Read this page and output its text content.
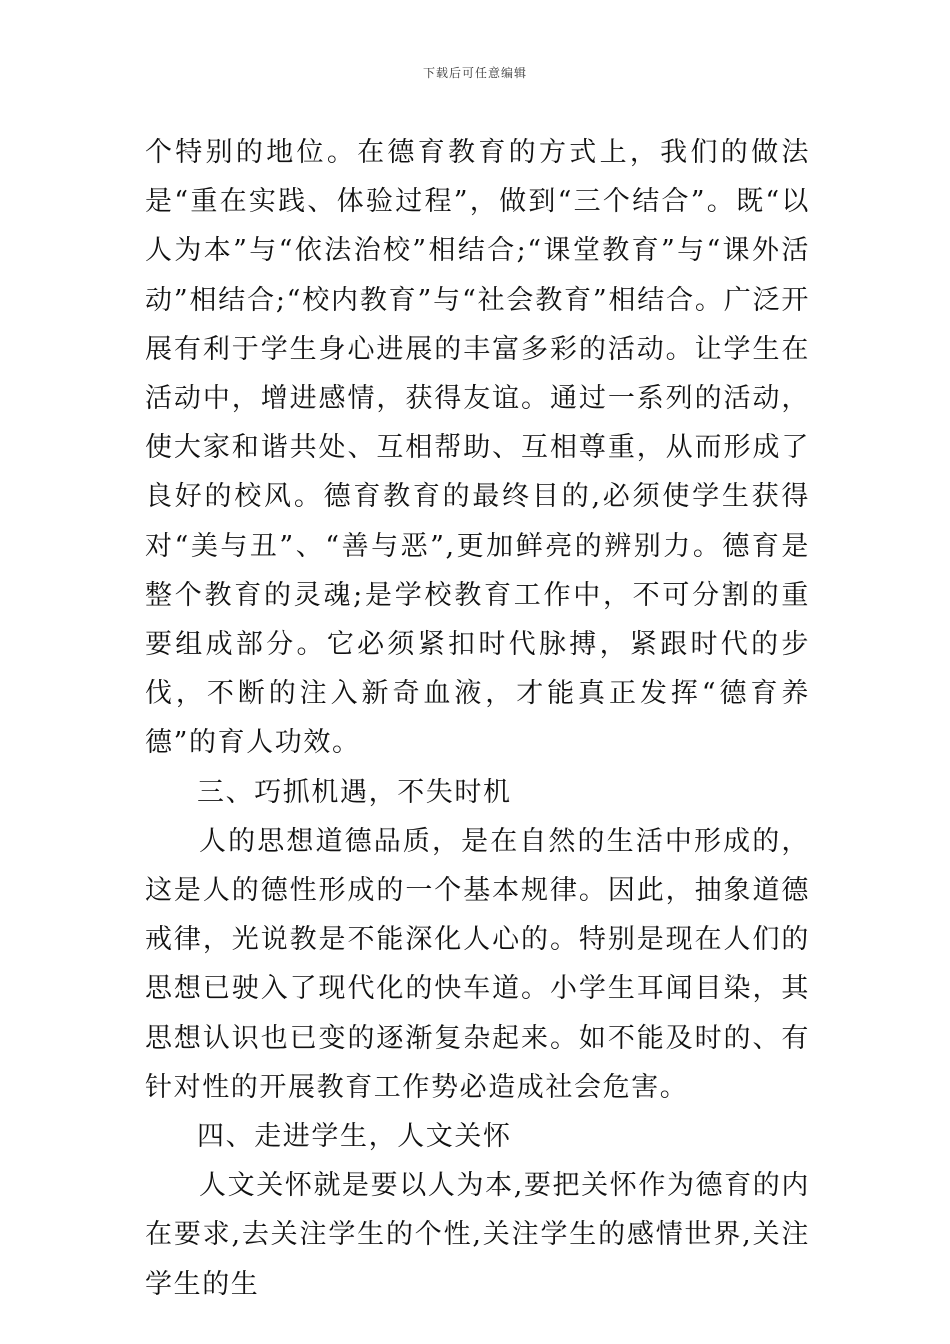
下载后可任意编辑

个特别的地位。在德育教育的方式上，我们的做法是“重在实践、体验过程”，做到“三个结合”。既“以人为本”与“依法治校”相结合;“课堂教育”与“课外活动”相结合;“校内教育”与“社会教育”相结合。广泛开展有利于学生身心进展的丰富多彩的活动。让学生在活动中，增进感情，获得友谊。通过一系列的活动，使大家和谐共处、互相帮助、互相尊重，从而形成了良好的校风。德育教育的最终目的,必须使学生获得对“美与丑”、“善与恶”,更加鲜亮的辨别力。德育是整个教育的灵魂;是学校教育工作中，不可分割的重要组成部分。它必须紧扣时代脉搏，紧跟时代的步伐，不断的注入新奇血液，才能真正发挥“德育养德”的育人功效。

三、巧抓机遇，不失时机

人的思想道德品质，是在自然的生活中形成的，这是人的德性形成的一个基本规律。因此，抽象道德戒律，光说教是不能深化人心的。特别是现在人们的思想已驶入了现代化的快车道。小学生耳闻目染，其思想认识也已变的逐渐复杂起来。如不能及时的、有针对性的开展教育工作势必造成社会危害。

四、走进学生，人文关怀

人文关怀就是要以人为本,要把关怀作为德育的内在要求,去关注学生的个性,关注学生的感情世界,关注学生的生
